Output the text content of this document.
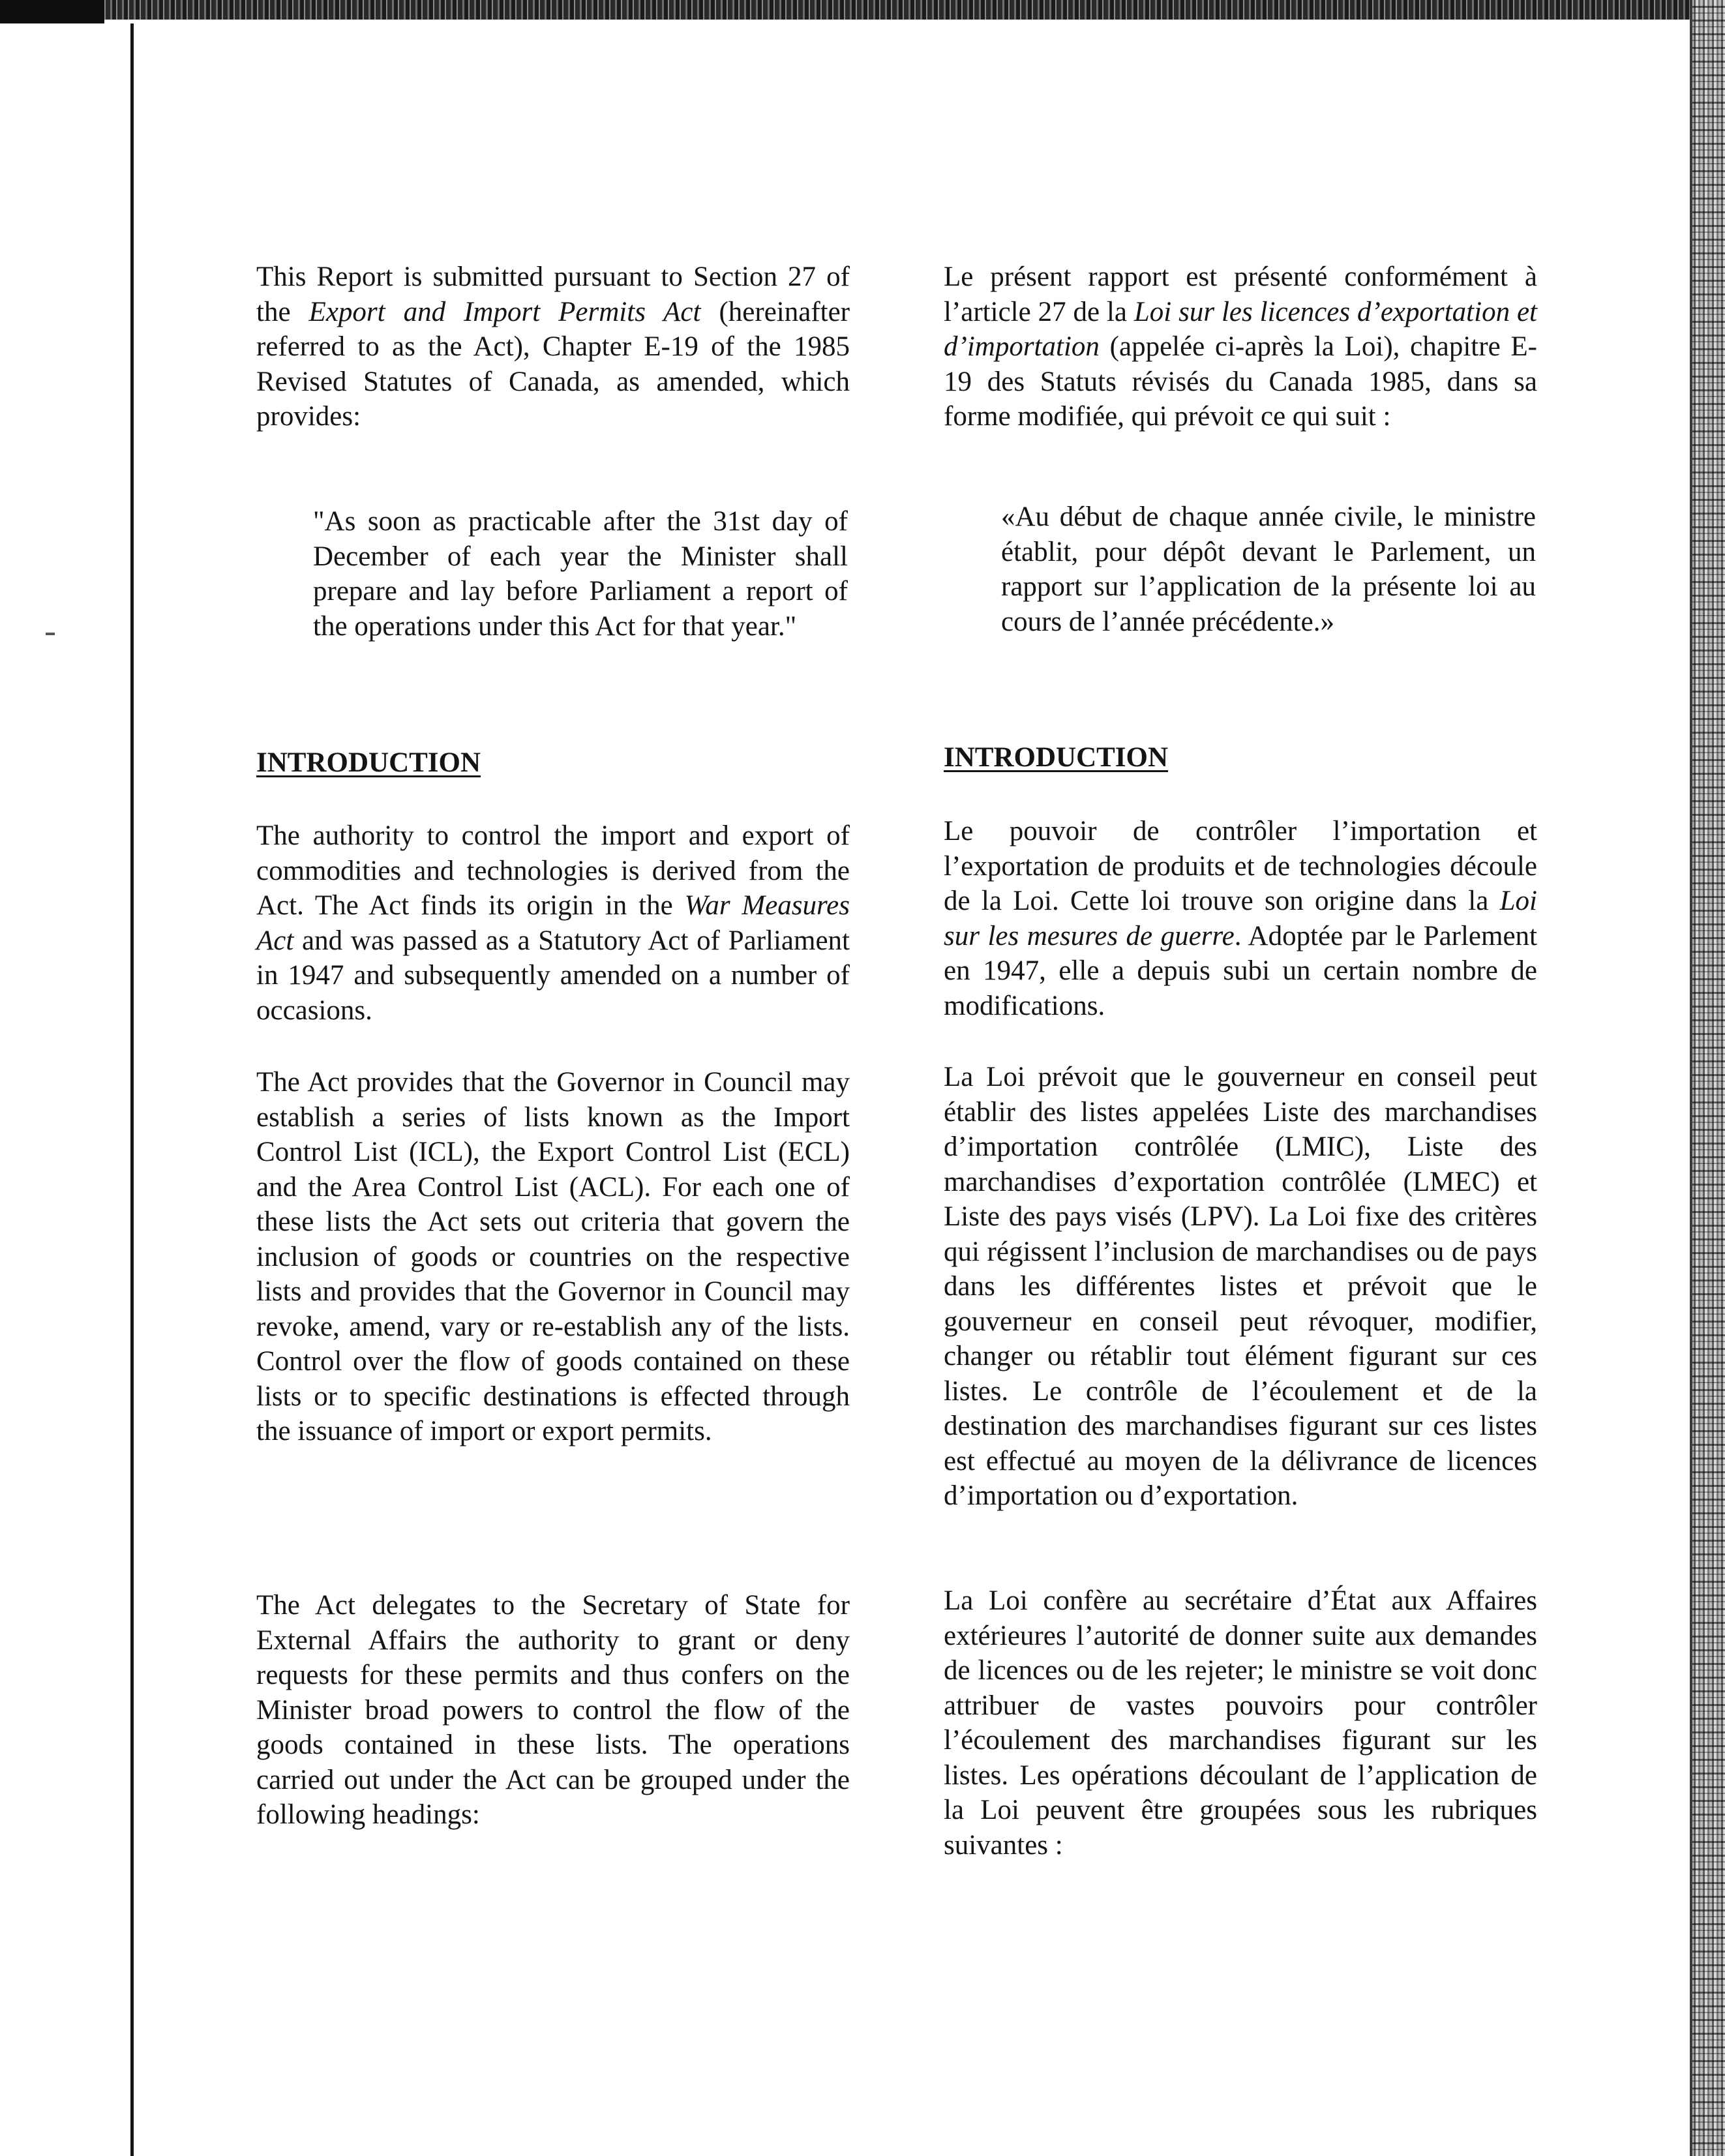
This Report is submitted pursuant to Section 27 of the Export and Import Permits Act (hereinafter referred to as the Act), Chapter E-19 of the 1985 Revised Statutes of Canada, as amended, which provides:

"As soon as practicable after the 31st day of December of each year the Minister shall prepare and lay before Parliament a report of the operations under this Act for that year."

INTRODUCTION

The authority to control the import and export of commodities and technologies is derived from the Act. The Act finds its origin in the War Measures Act and was passed as a Statutory Act of Parliament in 1947 and subsequently amended on a number of occasions.

The Act provides that the Governor in Council may establish a series of lists known as the Import Control List (ICL), the Export Control List (ECL) and the Area Control List (ACL). For each one of these lists the Act sets out criteria that govern the inclusion of goods or countries on the respective lists and provides that the Governor in Council may revoke, amend, vary or re-establish any of the lists. Control over the flow of goods contained on these lists or to specific destinations is effected through the issuance of import or export permits.

The Act delegates to the Secretary of State for External Affairs the authority to grant or deny requests for these permits and thus confers on the Minister broad powers to control the flow of the goods contained in these lists. The operations carried out under the Act can be grouped under the following headings:

Le présent rapport est présenté conformément à l’article 27 de la Loi sur les licences d’exportation et d’importation (appelée ci-après la Loi), chapitre E-19 des Statuts révisés du Canada 1985, dans sa forme modifiée, qui prévoit ce qui suit :

«Au début de chaque année civile, le ministre établit, pour dépôt devant le Parlement, un rapport sur l’application de la présente loi au cours de l’année précédente.»

INTRODUCTION

Le pouvoir de contrôler l’importation et l’exportation de produits et de technologies découle de la Loi. Cette loi trouve son origine dans la Loi sur les mesures de guerre. Adoptée par le Parlement en 1947, elle a depuis subi un certain nombre de modifications.

La Loi prévoit que le gouverneur en conseil peut établir des listes appelées Liste des marchandises d’importation contrôlée (LMIC), Liste des marchandises d’exportation contrôlée (LMEC) et Liste des pays visés (LPV). La Loi fixe des critères qui régissent l’inclusion de marchandises ou de pays dans les différentes listes et prévoit que le gouverneur en conseil peut révoquer, modifier, changer ou rétablir tout élément figurant sur ces listes. Le contrôle de l’écoulement et de la destination des marchandises figurant sur ces listes est effectué au moyen de la délivrance de licences d’importation ou d’exportation.

La Loi confère au secrétaire d’État aux Affaires extérieures l’autorité de donner suite aux demandes de licences ou de les rejeter; le ministre se voit donc attribuer de vastes pouvoirs pour contrôler l’écoulement des marchandises figurant sur les listes. Les opérations découlant de l’application de la Loi peuvent être groupées sous les rubriques suivantes :
